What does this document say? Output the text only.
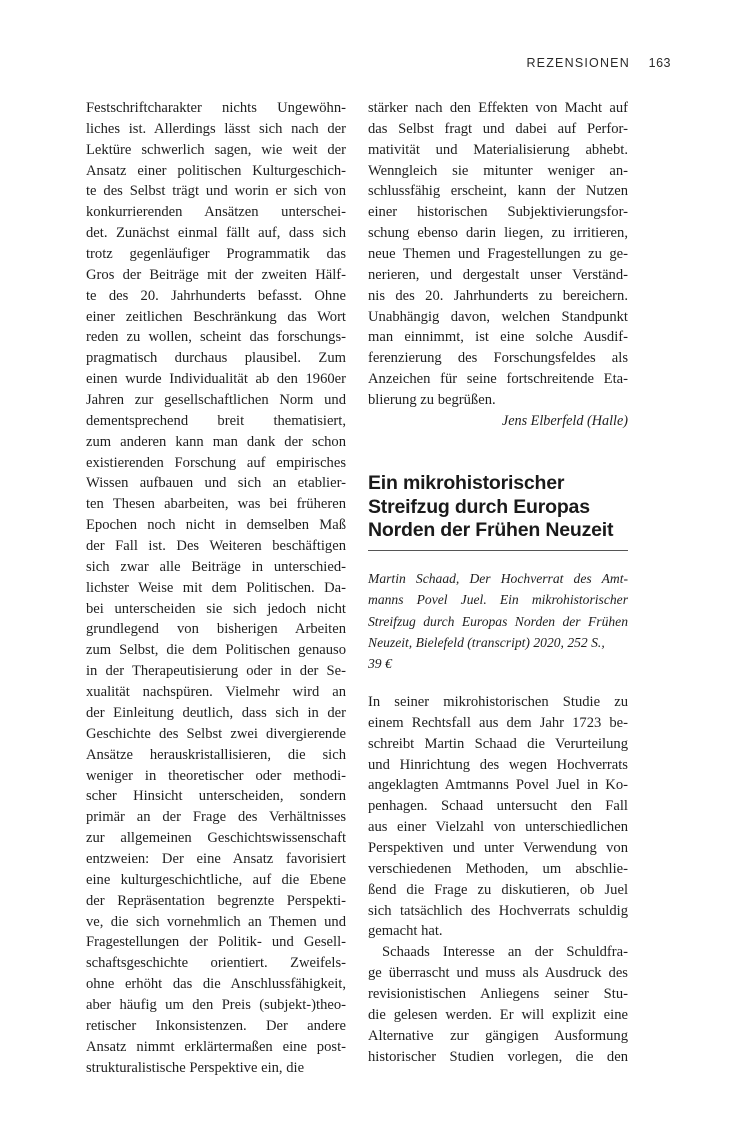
REZENSIONEN 163
Festschriftcharakter nichts Ungewöhn-
liches ist. Allerdings lässt sich nach der
Lektüre schwerlich sagen, wie weit der
Ansatz einer politischen Kulturgeschich-
te des Selbst trägt und worin er sich von
konkurrierenden Ansätzen unterschei-
det. Zunächst einmal fällt auf, dass sich
trotz gegenläufiger Programmatik das
Gros der Beiträge mit der zweiten Hälf-
te des 20. Jahrhunderts befasst. Ohne
einer zeitlichen Beschränkung das Wort
reden zu wollen, scheint das forschungs-
pragmatisch durchaus plausibel. Zum
einen wurde Individualität ab den 1960er
Jahren zur gesellschaftlichen Norm und
dementsprechend breit thematisiert,
zum anderen kann man dank der schon
existierenden Forschung auf empirisches
Wissen aufbauen und sich an etablier-
ten Thesen abarbeiten, was bei früheren
Epochen noch nicht in demselben Maß
der Fall ist. Des Weiteren beschäftigen
sich zwar alle Beiträge in unterschied-
lichster Weise mit dem Politischen. Da-
bei unterscheiden sie sich jedoch nicht
grundlegend von bisherigen Arbeiten
zum Selbst, die dem Politischen genauso
in der Therapeutisierung oder in der Se-
xualität nachspüren. Vielmehr wird an
der Einleitung deutlich, dass sich in der
Geschichte des Selbst zwei divergierende
Ansätze herauskristallisieren, die sich
weniger in theoretischer oder methodi-
scher Hinsicht unterscheiden, sondern
primär an der Frage des Verhältnisses
zur allgemeinen Geschichtswissenschaft
entzweien: Der eine Ansatz favorisiert
eine kulturgeschichtliche, auf die Ebene
der Repräsentation begrenzte Perspekti-
ve, die sich vornehmlich an Themen und
Fragestellungen der Politik- und Gesell-
schaftsgeschichte orientiert. Zweifels-
ohne erhöht das die Anschlussfähigkeit,
aber häufig um den Preis (subjekt-)theo-
retischer Inkonsistenzen. Der andere
Ansatz nimmt erklärtermaßen eine post-
strukturalistische Perspektive ein, die
stärker nach den Effekten von Macht auf
das Selbst fragt und dabei auf Perfor-
mativität und Materialisierung abhebt.
Wenngleich sie mitunter weniger an-
schlussfähig erscheint, kann der Nutzen
einer historischen Subjektivierungsfor-
schung ebenso darin liegen, zu irritieren,
neue Themen und Fragestellungen zu ge-
nerieren, und dergestalt unser Verständ-
nis des 20. Jahrhunderts zu bereichern.
Unabhängig davon, welchen Standpunkt
man einnimmt, ist eine solche Ausdif-
ferenzierung des Forschungsfeldes als
Anzeichen für seine fortschreitende Eta-
blierung zu begrüßen.
Jens Elberfeld (Halle)
Ein mikrohistorischer
Streifzug durch Europas
Norden der Frühen Neuzeit
Martin Schaad, Der Hochverrat des Amt-
manns Povel Juel. Ein mikrohistorischer
Streifzug durch Europas Norden der Frühen
Neuzeit, Bielefeld (transcript) 2020, 252 S.,
39 €
In seiner mikrohistorischen Studie zu
einem Rechtsfall aus dem Jahr 1723 be-
schreibt Martin Schaad die Verurteilung
und Hinrichtung des wegen Hochverrats
angeklagten Amtmanns Povel Juel in Ko-
penhagen. Schaad untersucht den Fall
aus einer Vielzahl von unterschiedlichen
Perspektiven und unter Verwendung von
verschiedenen Methoden, um abschlie-
ßend die Frage zu diskutieren, ob Juel
sich tatsächlich des Hochverrats schuldig
gemacht hat.
Schaads Interesse an der Schuldfra-
ge überrascht und muss als Ausdruck des
revisionistischen Anliegens seiner Stu-
die gelesen werden. Er will explizit eine
Alternative zur gängigen Ausformung
historischer Studien vorlegen, die den
